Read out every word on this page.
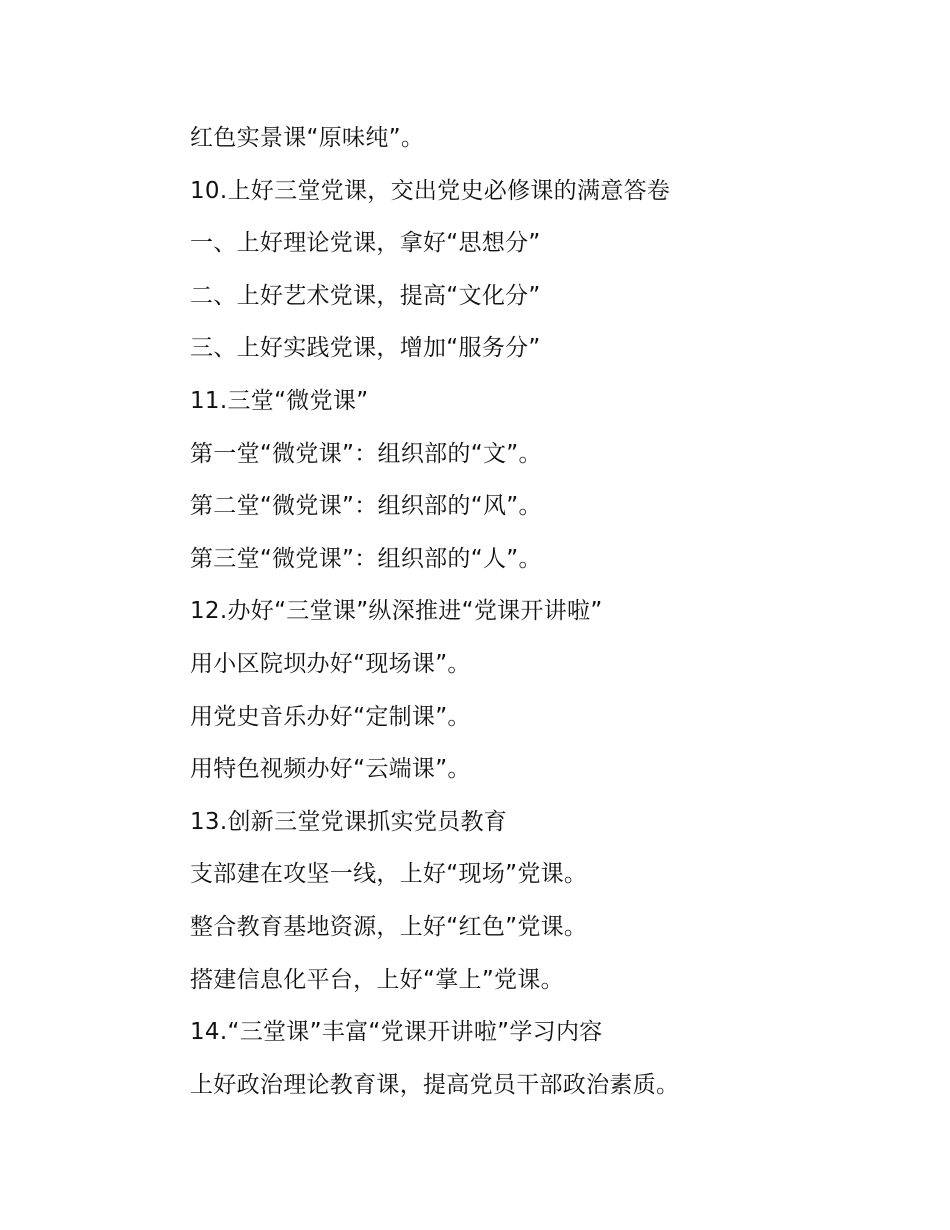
红色实景课“原味纯”。
10.上好三堂党课，交出党史必修课的满意答卷
一、上好理论党课，拿好“思想分”
二、上好艺术党课，提高“文化分”
三、上好实践党课，增加“服务分”
11.三堂“微党课”
第一堂“微党课”：组织部的“文”。
第二堂“微党课”：组织部的“风”。
第三堂“微党课”：组织部的“人”。
12.办好“三堂课”纵深推进“党课开讲啦”
用小区院坝办好“现场课”。
用党史音乐办好“定制课”。
用特色视频办好“云端课”。
13.创新三堂党课抓实党员教育
支部建在攻坚一线，上好“现场”党课。
整合教育基地资源，上好“红色”党课。
搭建信息化平台，上好“掌上”党课。
14.“三堂课”丰富“党课开讲啦”学习内容
上好政治理论教育课，提高党员干部政治素质。
